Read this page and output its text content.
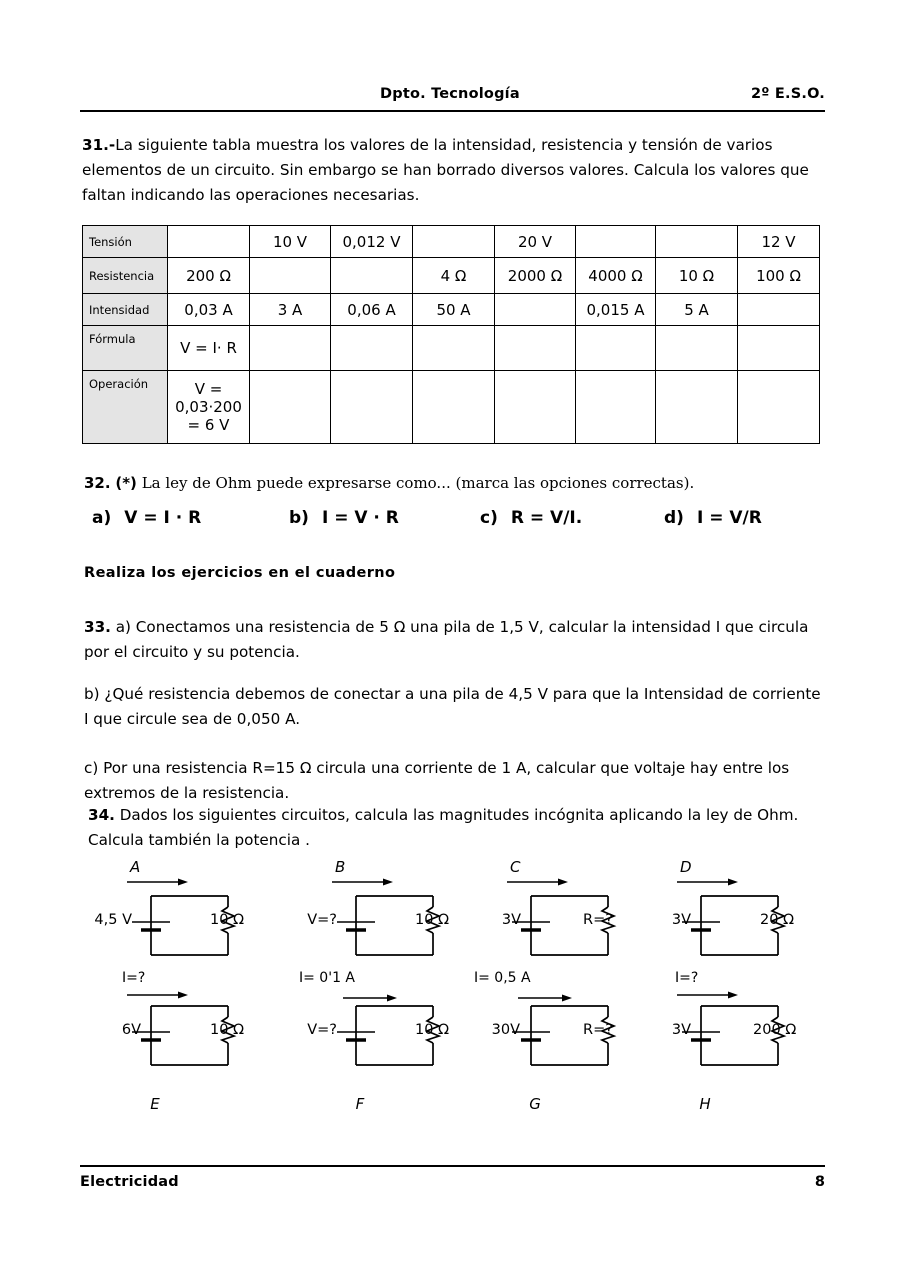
Dpto. Tecnología	2º E.S.O.
31.-La siguiente tabla muestra los valores de la intensidad, resistencia y tensión de varios elementos de un circuito. Sin embargo se han borrado diversos valores. Calcula los valores que faltan indicando las operaciones necesarias.
Tensión		10 V	0,012 V		20 V			12 V
Resistencia	200 Ω			4 Ω	2000 Ω	4000 Ω	10 Ω	100 Ω
Intensidad	0,03 A	3 A	0,06 A	50 A		0,015 A	5 A	
Fórmula	V = I· R							
Operación	V =
0,03·200
= 6 V							
32. (*) La ley de Ohm puede expresarse como... (marca las opciones correctas).
a) V = I · R	b) I = V · R	c) R = V/I.	d) I = V/R
Realiza los ejercicios en el cuaderno
33. a) Conectamos una resistencia de 5 Ω una pila de 1,5 V, calcular la intensidad I que circula por el circuito y su potencia.
b) ¿Qué resistencia debemos de conectar a una pila de 4,5 V para que la Intensidad de corriente I que circule sea de 0,050 A.
c) Por una resistencia R=15 Ω circula una corriente de 1 A, calcular que voltaje hay entre los extremos de la resistencia.
34. Dados los siguientes circuitos, calcula las magnitudes incógnita aplicando la ley de Ohm. Calcula también la potencia .
A
4,5 V	10 Ω
B
V=?	10 Ω
C
3V	R=?
D
3V	20 Ω
I=?
6V	10 Ω
E
I= 0'1 A
V=?	10 Ω
F
I= 0,5 A
30V	R=?
G
I=?
3V	200 Ω
H
Electricidad	8
